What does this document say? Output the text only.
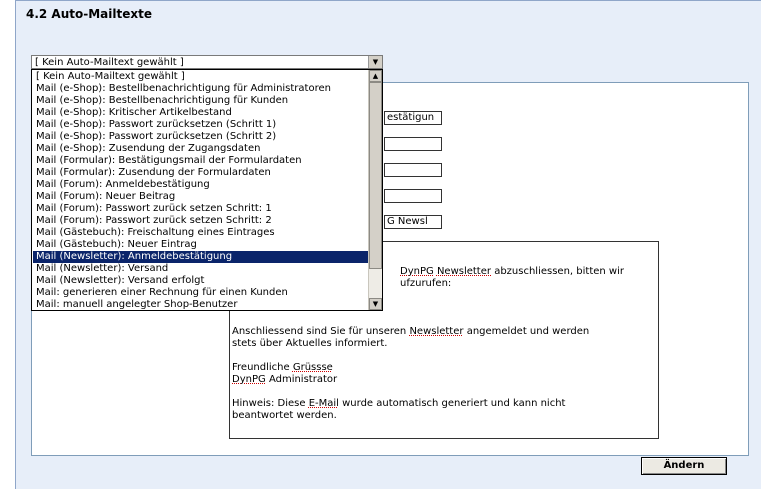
4.2 Auto-Mailtexte
estätigun
G Newsl
DynPG Newsletter abzuschliessen, bitten wir
ufzurufen:
Anschliessend sind Sie für unseren Newsletter angemeldet und werden
stets über Aktuelles informiert.
Freundliche Grüssse
DynPG Administrator
Hinweis: Diese E-Mail wurde automatisch generiert und kann nicht
beantwortet werden.
[ Kein Auto-Mailtext gewählt ]	▼
[ Kein Auto-Mailtext gewählt ]
Mail (e-Shop): Bestellbenachrichtigung für Administratoren
Mail (e-Shop): Bestellbenachrichtigung für Kunden
Mail (e-Shop): Kritischer Artikelbestand
Mail (e-Shop): Passwort zurücksetzen (Schritt 1)
Mail (e-Shop): Passwort zurücksetzen (Schritt 2)
Mail (e-Shop): Zusendung der Zugangsdaten
Mail (Formular): Bestätigungsmail der Formulardaten
Mail (Formular): Zusendung der Formulardaten
Mail (Forum): Anmeldebestätigung
Mail (Forum): Neuer Beitrag
Mail (Forum): Passwort zurück setzen Schritt: 1
Mail (Forum): Passwort zurück setzen Schritt: 2
Mail (Gästebuch): Freischaltung eines Eintrages
Mail (Gästebuch): Neuer Eintrag
Mail (Newsletter): Anmeldebestätigung
Mail (Newsletter): Versand
Mail (Newsletter): Versand erfolgt
Mail: generieren einer Rechnung für einen Kunden
Mail: manuell angelegter Shop-Benutzer
▲
▼
Ändern
